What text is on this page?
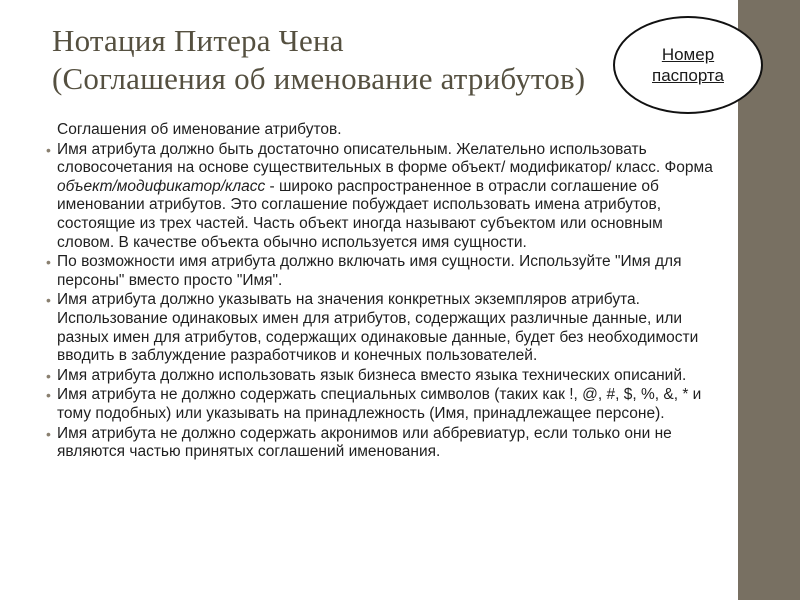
Нотация Питера Чена
(Соглашения об именование атрибутов)
Номер
паспорта
Соглашения об именование атрибутов.
• Имя атрибута должно быть достаточно описательным. Желательно использовать словосочетания на основе существительных в форме объект/ модификатор/ класс. Форма объект/модификатор/класс - широко распространенное в отрасли соглашение об именовании атрибутов. Это соглашение побуждает использовать имена атрибутов, состоящие из трех частей. Часть объект иногда называют субъектом или основным словом. В качестве объекта обычно используется имя сущности.
• По возможности имя атрибута должно включать имя сущности. Используйте "Имя для персоны" вместо просто "Имя".
• Имя атрибута должно указывать на значения конкретных экземпляров атрибута. Использование одинаковых имен для атрибутов, содержащих различные данные, или разных имен для атрибутов, содержащих одинаковые данные, будет без необходимости вводить в заблуждение разработчиков и конечных пользователей.
• Имя атрибута должно использовать язык бизнеса вместо языка технических описаний.
• Имя атрибута не должно содержать специальных символов (таких как !, @, #, $, %, &, * и тому подобных) или указывать на принадлежность (Имя, принадлежащее персоне).
• Имя атрибута не должно содержать акронимов или аббревиатур, если только они не являются частью принятых соглашений именования.
